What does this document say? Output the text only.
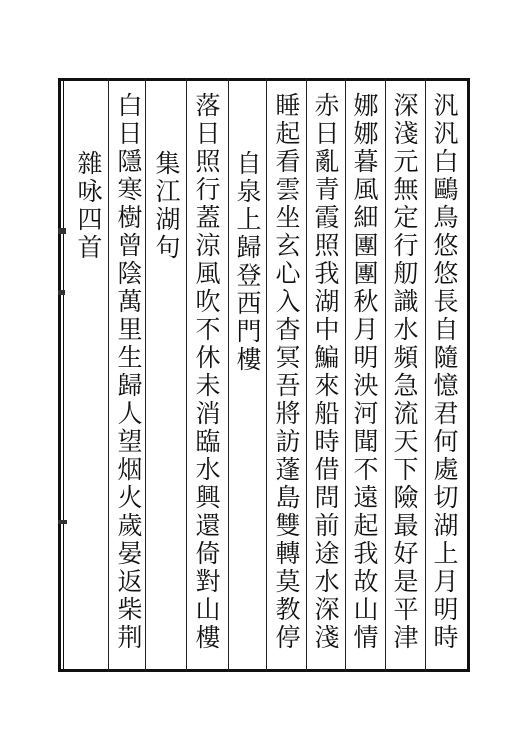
汎汎白鷗鳥悠悠長自隨憶君何處切湖上月明時
深淺元無定行舠識水頻急流天下險最好是平津
娜娜暮風細團團秋月明泱河聞不遠起我故山情
赤日亂青霞照我湖中鯿來船時借問前途水深淺
睡起看雲坐玄心入杳冥吾將訪蓬島雙轉莫教停
自泉上歸登西門樓
落日照行蓋涼風吹不休未消臨水興還倚對山樓
集江湖句
白日隱寒樹曾陰萬里生歸人望烟火歲晏返柴荆
雜咏四首
